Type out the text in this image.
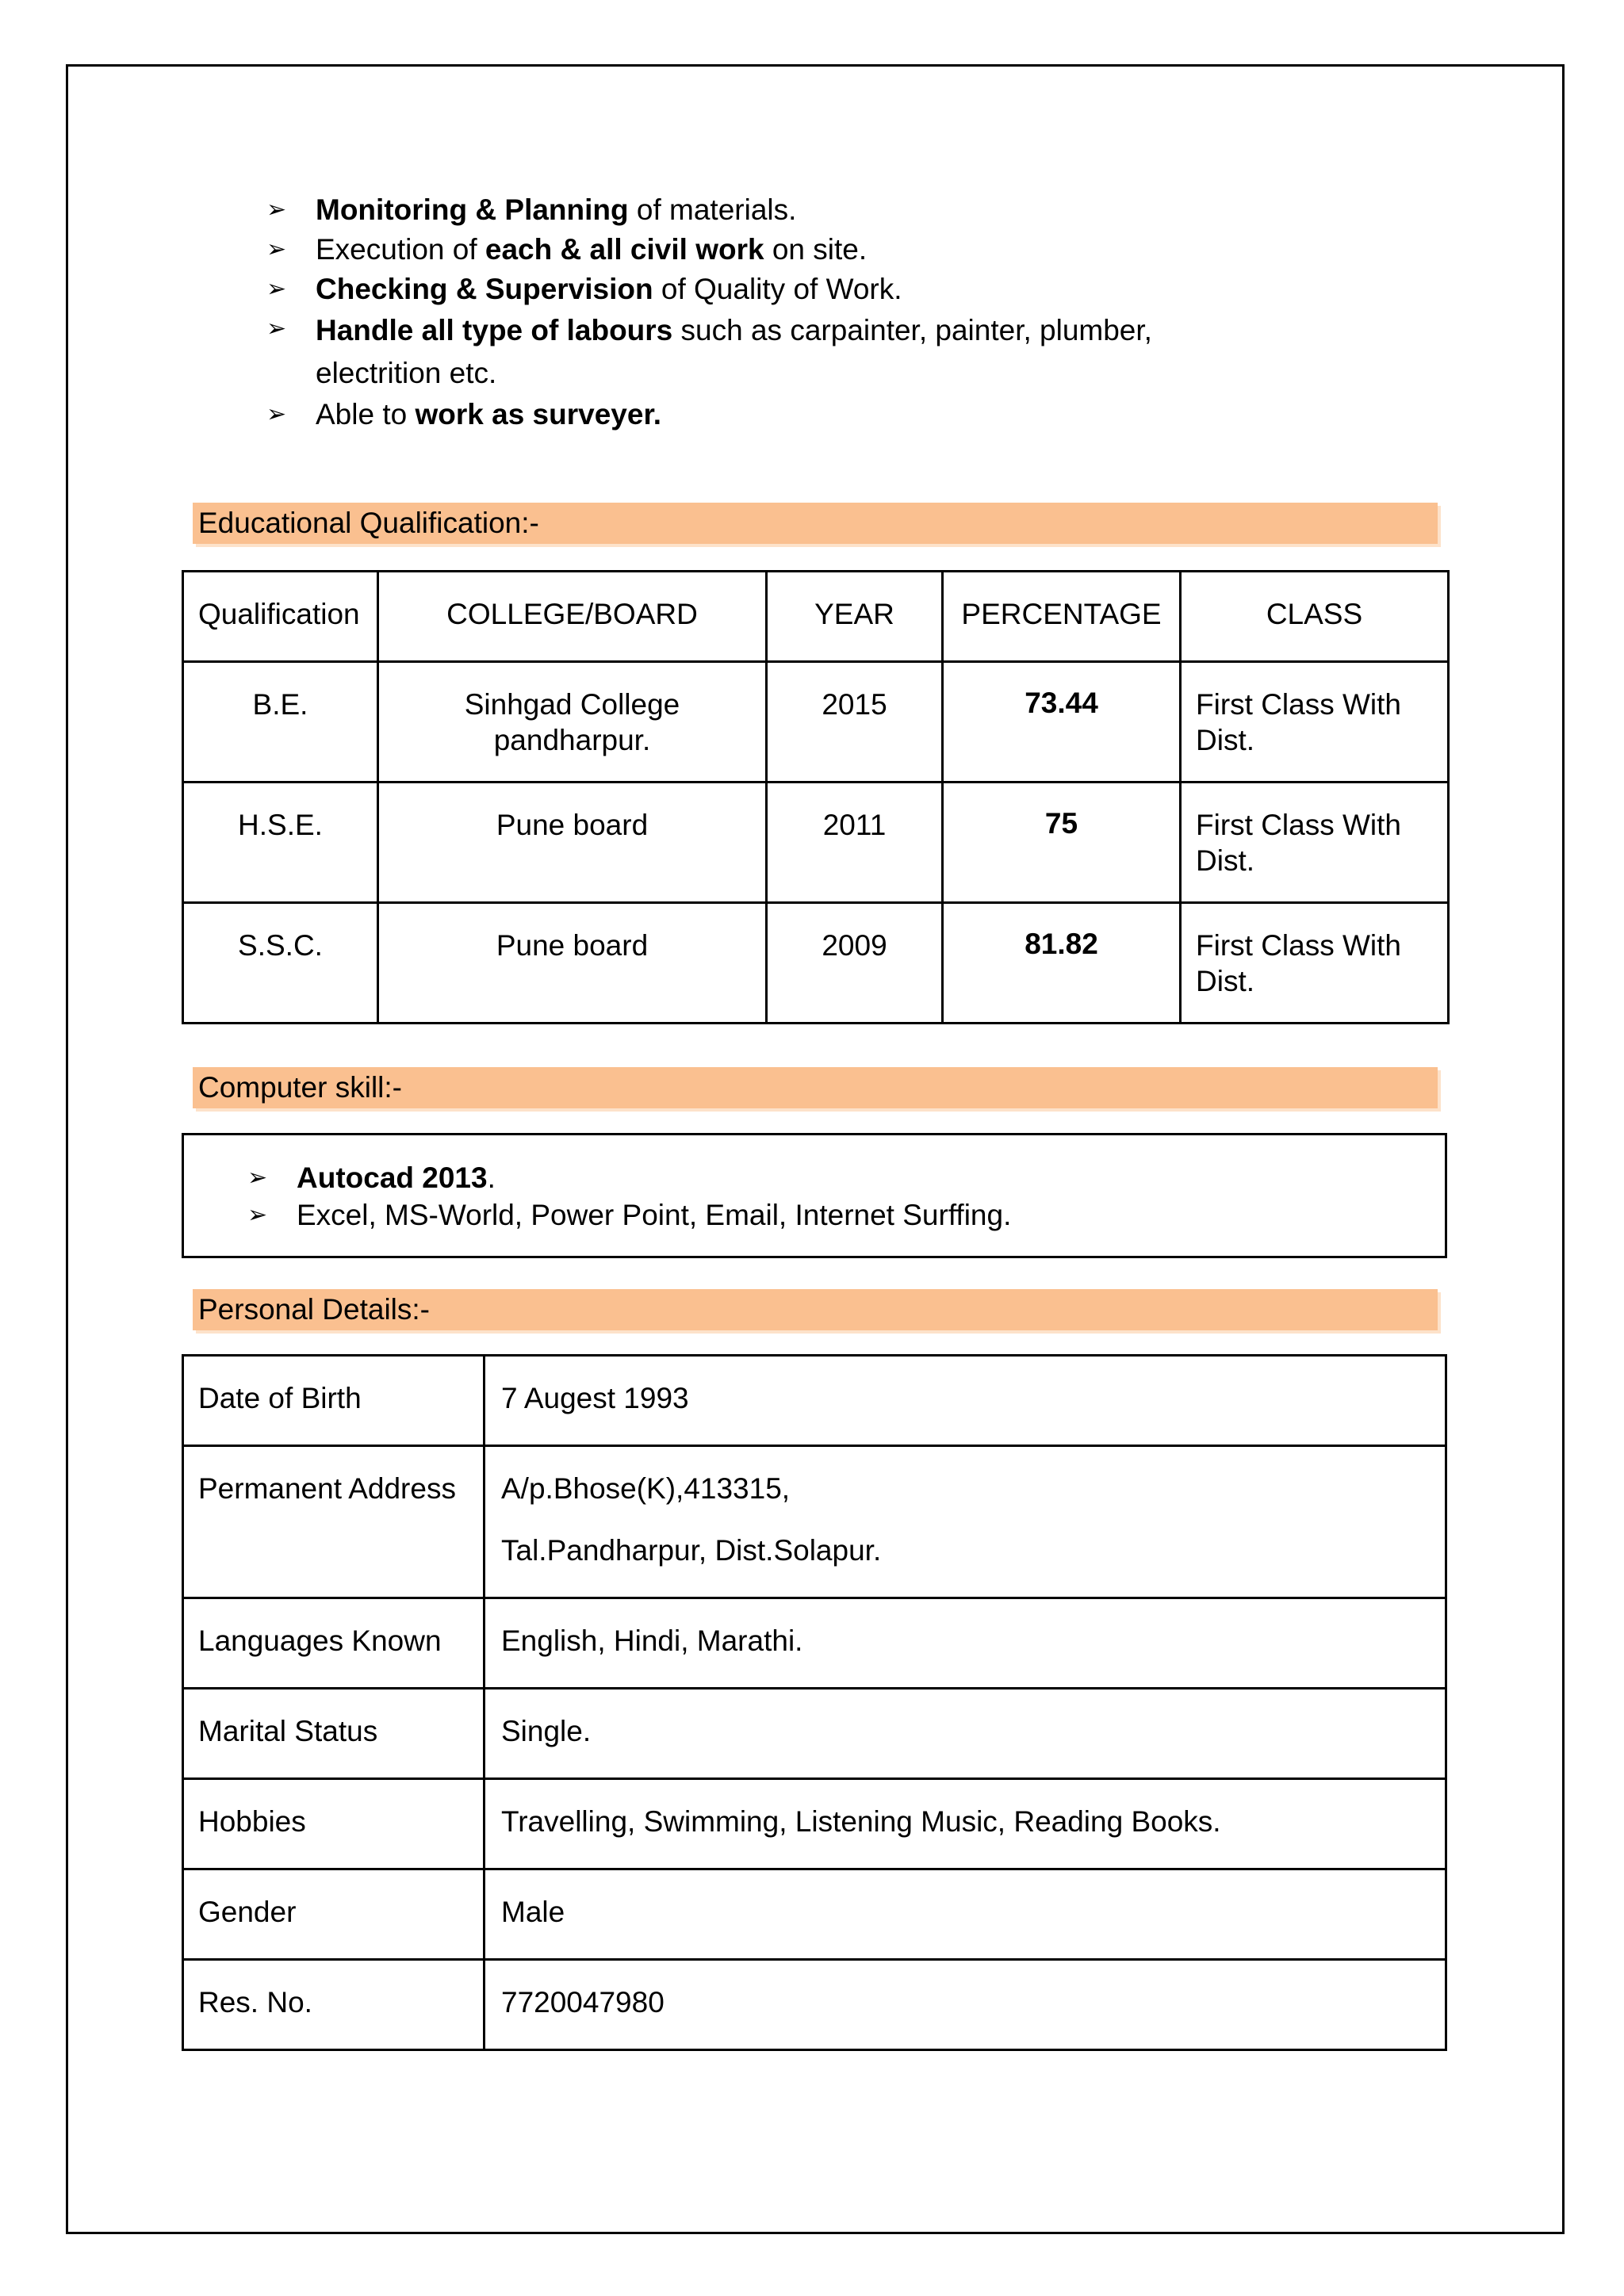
➢ Monitoring & Planning of materials.
➢ Execution of each & all civil work on site.
➢ Checking & Supervision of Quality of Work.
➢ Handle all type of labours such as carpainter, painter, plumber, electrition etc.
➢ Able to work as surveyer.
Educational Qualification:-
Qualification	COLLEGE/BOARD	YEAR	PERCENTAGE	CLASS
B.E.	Sinhgad College pandharpur.	2015	73.44	First Class With Dist.
H.S.E.	Pune board	2011	75	First Class With Dist.
S.S.C.	Pune board	2009	81.82	First Class With Dist.
Computer skill:-
➢ Autocad 2013.
➢ Excel, MS-World, Power Point, Email, Internet Surffing.
Personal Details:-
Date of Birth	7 Augest 1993
Permanent Address	A/p.Bhose(K),413315,
Tal.Pandharpur, Dist.Solapur.

Languages Known	English, Hindi, Marathi.
Marital Status	Single.
Hobbies	Travelling, Swimming, Listening Music, Reading Books.
Gender	Male
Res. No.	7720047980
